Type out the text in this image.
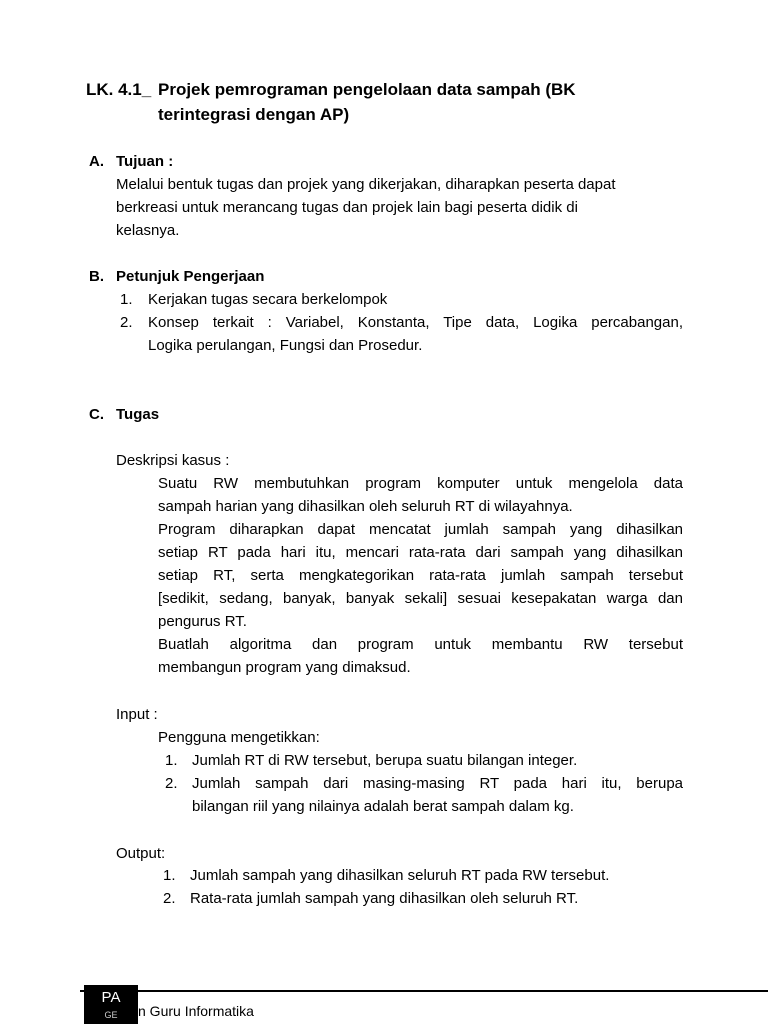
LK. 4.1_ Projek pemrograman pengelolaan data sampah (BK
terintegrasi dengan AP)
A. Tujuan :
Melalui bentuk tugas dan projek yang dikerjakan, diharapkan peserta dapat
berkreasi untuk merancang tugas dan projek lain bagi peserta didik di
kelasnya.
B. Petunjuk Pengerjaan
1. Kerjakan tugas secara berkelompok
2. Konsep terkait : Variabel, Konstanta, Tipe data, Logika percabangan,
Logika perulangan, Fungsi dan Prosedur.
C. Tugas
Deskripsi kasus :
Suatu RW membutuhkan program komputer untuk mengelola data
sampah harian yang dihasilkan oleh seluruh RT di wilayahnya.
Program diharapkan dapat mencatat jumlah sampah yang dihasilkan
setiap RT pada hari itu, mencari rata-rata dari sampah yang dihasilkan
setiap RT, serta mengkategorikan rata-rata jumlah sampah tersebut
[sedikit, sedang, banyak, banyak sekali] sesuai kesepakatan warga dan
pengurus RT.
Buatlah algoritma dan program untuk membantu RW tersebut
membangun program yang dimaksud.
Input :
Pengguna mengetikkan:
1. Jumlah RT di RW tersebut, berupa suatu bilangan integer.
2. Jumlah sampah dari masing-masing RT pada hari itu, berupa
bilangan riil yang nilainya adalah berat sampah dalam kg.
Output:
1. Jumlah sampah yang dihasilkan seluruh RT pada RW tersebut.
2. Rata-rata jumlah sampah yang dihasilkan oleh seluruh RT.
PA
GE	n Guru Informatika
